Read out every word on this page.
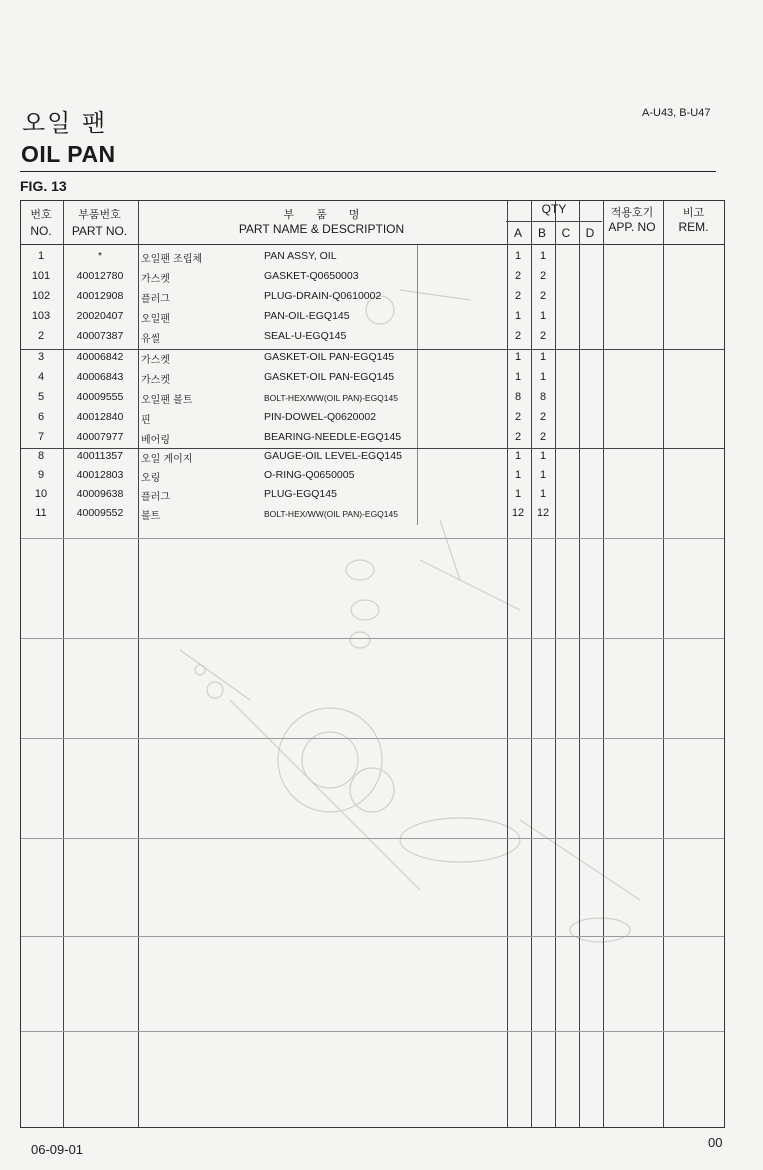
오일 팬
OIL PAN
A-U43, B-U47
FIG. 13
번호
NO.
부품번호
PART NO.
부　　품　　명
PART NAME & DESCRIPTION
QTY
A	B	C	D
적용호기
APP. NO
비고
REM.
1	*	오일팬 조립체	PAN ASSY, OIL	1	1
101	40012780	가스켓	GASKET-Q0650003	2	2
102	40012908	플러그	PLUG-DRAIN-Q0610002	2	2
103	20020407	오일팬	PAN-OIL-EGQ145	1	1
2	40007387	유씰	SEAL-U-EGQ145	2	2
3	40006842	가스켓	GASKET-OIL PAN-EGQ145	1	1
4	40006843	가스켓	GASKET-OIL PAN-EGQ145	1	1
5	40009555	오일팬 볼트	BOLT-HEX/WW(OIL PAN)-EGQ145	8	8
6	40012840	핀	PIN-DOWEL-Q0620002	2	2
7	40007977	베어링	BEARING-NEEDLE-EGQ145	2	2
8	40011357	오일 게이지	GAUGE-OIL LEVEL-EGQ145	1	1
9	40012803	오링	O-RING-Q0650005	1	1
10	40009638	플러그	PLUG-EGQ145	1	1
11	40009552	볼트	BOLT-HEX/WW(OIL PAN)-EGQ145	12	12
06-09-01	00
